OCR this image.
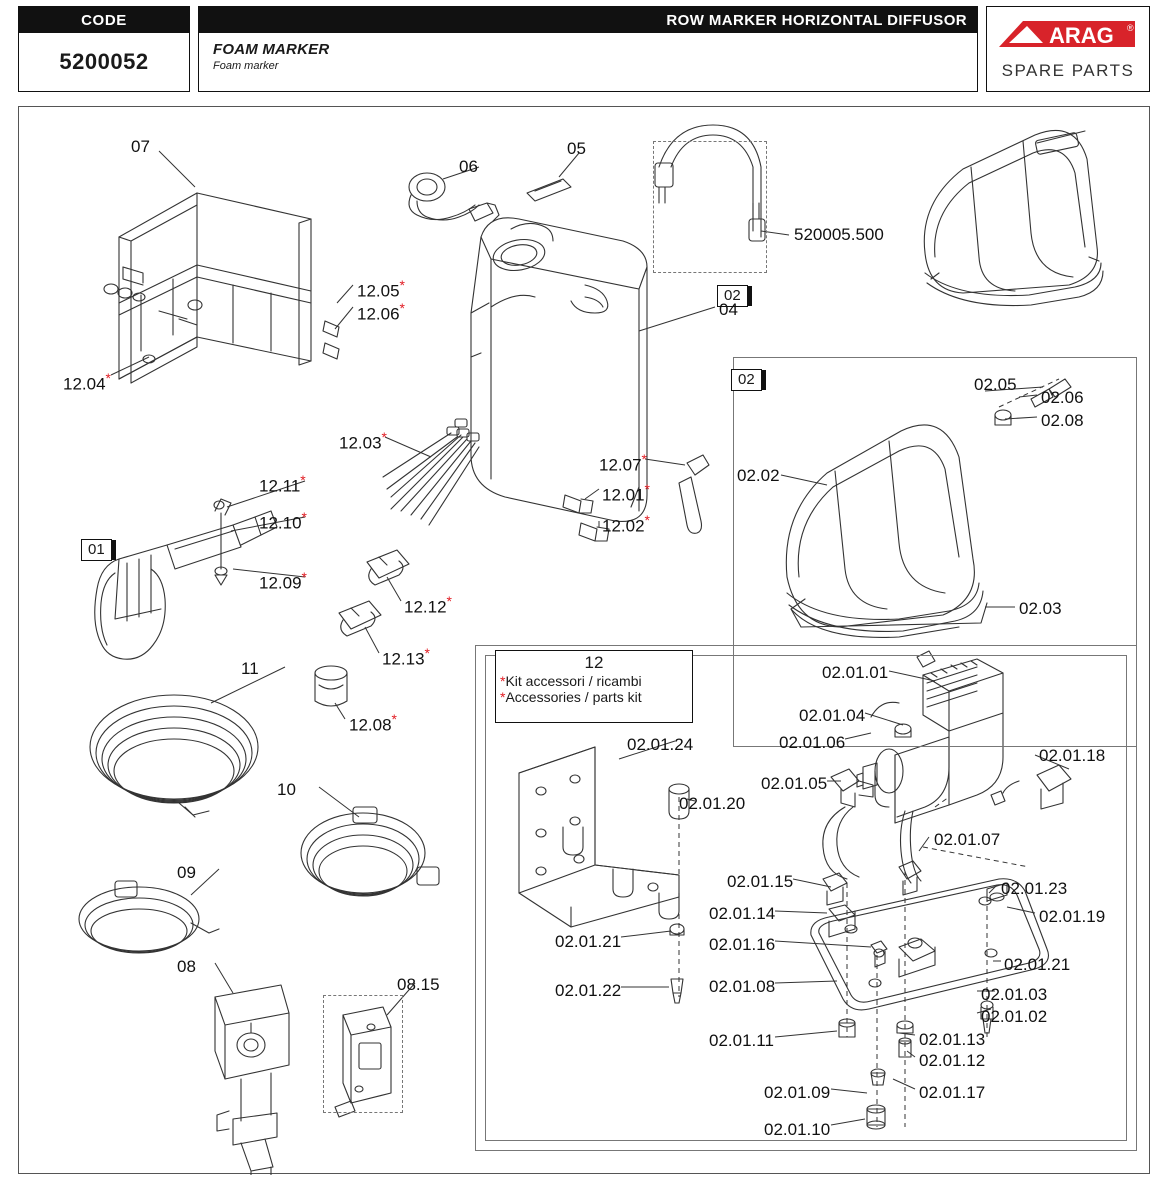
CODE
5200052
ROW MARKER HORIZONTAL DIFFUSOR
FOAM MARKER
Foam marker
ARAG ®
SPARE PARTS
01
02
02
12
*Kit accessori / ricambi
*Accessories / parts kit
07
06
05
520005.500
12.05*
12.06*	04
12.04*	02.05
02.06
02.08
12.03*
02.02
12.07*
12.11*
12.01*
12.10*	12.02*
12.09*
12.12*	02.03
12.13*
02.01.01
11
02.01.04
12.08*
02.01.06
02.01.24
02.01.18
02.01.05
02.01.20
10
02.01.07
02.01.15
09
02.01.23
02.01.14	02.01.19
02.01.21	02.01.16
08	02.01.21
08.15	02.01.08
02.01.22	02.01.03
02.01.02
02.01.11	02.01.13
02.01.12
02.01.09	02.01.17
02.01.10
